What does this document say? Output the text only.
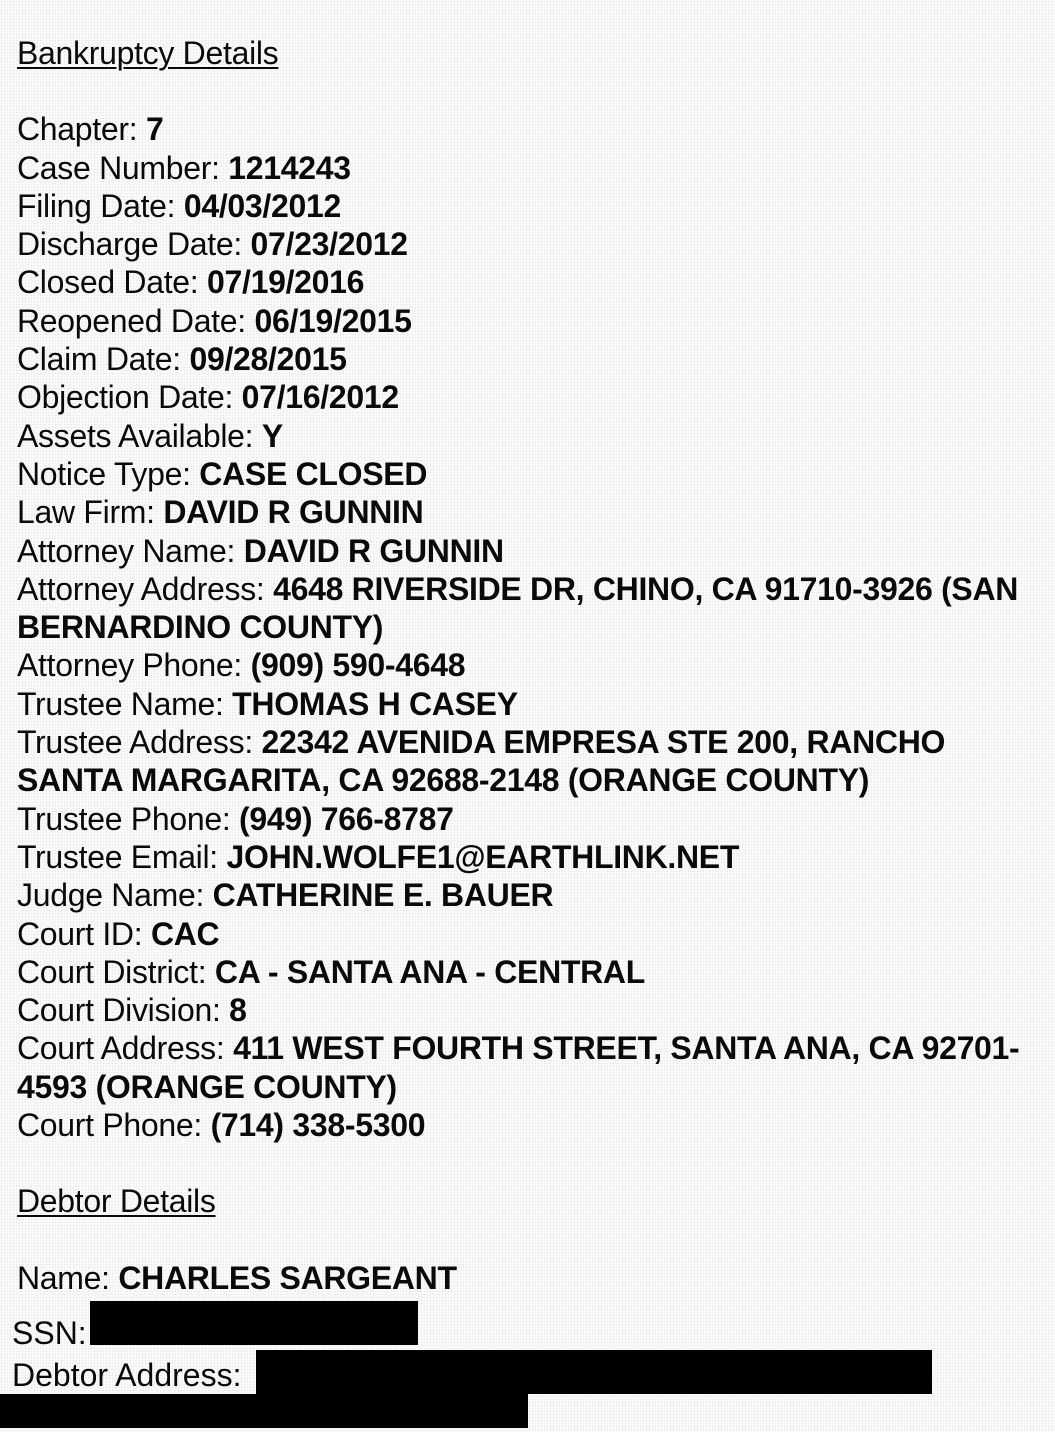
Bankruptcy Details
Chapter: 7
Case Number: 1214243
Filing Date: 04/03/2012
Discharge Date: 07/23/2012
Closed Date: 07/19/2016
Reopened Date: 06/19/2015
Claim Date: 09/28/2015
Objection Date: 07/16/2012
Assets Available: Y
Notice Type: CASE CLOSED
Law Firm: DAVID R GUNNIN
Attorney Name: DAVID R GUNNIN
Attorney Address: 4648 RIVERSIDE DR, CHINO, CA 91710-3926 (SAN BERNARDINO COUNTY)
Attorney Phone: (909) 590-4648
Trustee Name: THOMAS H CASEY
Trustee Address: 22342 AVENIDA EMPRESA STE 200, RANCHO SANTA MARGARITA, CA 92688-2148 (ORANGE COUNTY)
Trustee Phone: (949) 766-8787
Trustee Email: JOHN.WOLFE1@EARTHLINK.NET
Judge Name: CATHERINE E. BAUER
Court ID: CAC
Court District: CA - SANTA ANA - CENTRAL
Court Division: 8
Court Address: 411 WEST FOURTH STREET, SANTA ANA, CA 92701-4593 (ORANGE COUNTY)
Court Phone: (714) 338-5300
Debtor Details
Name: CHARLES SARGEANT
SSN:
Debtor Address:
